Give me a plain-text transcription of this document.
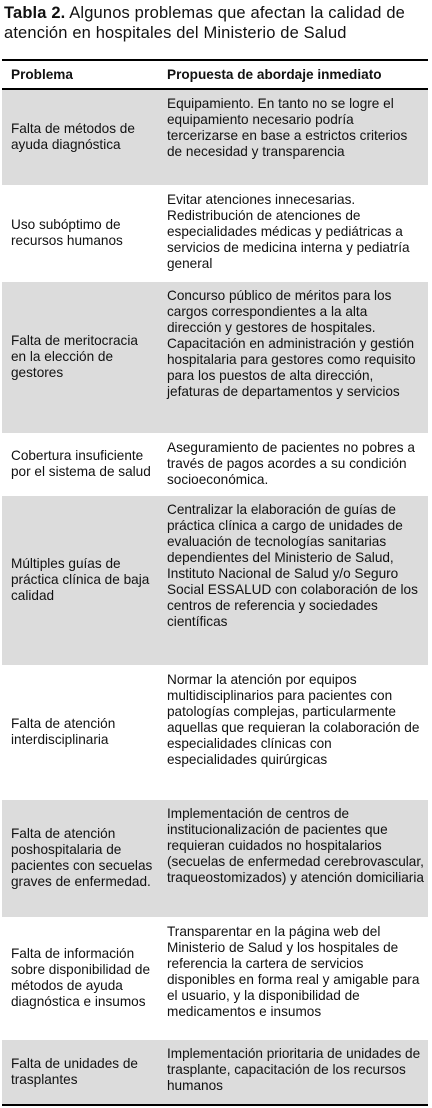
Tabla 2. Algunos problemas que afectan la calidad de atención en hospitales del Ministerio de Salud
Problema	Propuesta de abordaje inmediato
Falta de métodos de ayuda diagnóstica	Equipamiento. En tanto no se logre el equipamiento necesario podría tercerizarse en base a estrictos criterios de necesidad y transparencia
Uso subóptimo de recursos humanos	Evitar atenciones innecesarias. Redistribución de atenciones de especialidades médicas y pediátricas a servicios de medicina interna y pediatría general
Falta de meritocracia en la elección de gestores	Concurso público de méritos para los cargos correspondientes a la alta dirección y gestores de hospitales. Capacitación en administración y gestión hospitalaria para gestores como requisito para los puestos de alta dirección, jefaturas de departamentos y servicios
Cobertura insuficiente por el sistema de salud	Aseguramiento de pacientes no pobres a través de pagos acordes a su condición socioeconómica.
Múltiples guías de práctica clínica de baja calidad	Centralizar la elaboración de guías de práctica clínica a cargo de unidades de evaluación de tecnologías sanitarias dependientes del Ministerio de Salud, Instituto Nacional de Salud y/o Seguro Social ESSALUD con colaboración de los centros de referencia y sociedades científicas
Falta de atención interdisciplinaria	Normar la atención por equipos multidisciplinarios para pacientes con patologías complejas, particularmente aquellas que requieran la colaboración de especialidades clínicas con especialidades quirúrgicas
Falta de atención poshospitalaria de pacientes con secuelas graves de enfermedad.	Implementación de centros de institucionalización de pacientes que requieran cuidados no hospitalarios (secuelas de enfermedad cerebrovascular, traqueostomizados) y atención domiciliaria
Falta de información sobre disponibilidad de métodos de ayuda diagnóstica e insumos	Transparentar en la página web del Ministerio de Salud y los hospitales de referencia la cartera de servicios disponibles en forma real y amigable para el usuario, y la disponibilidad de medicamentos e insumos
Falta de unidades de trasplantes	Implementación prioritaria de unidades de trasplante, capacitación de los recursos humanos
